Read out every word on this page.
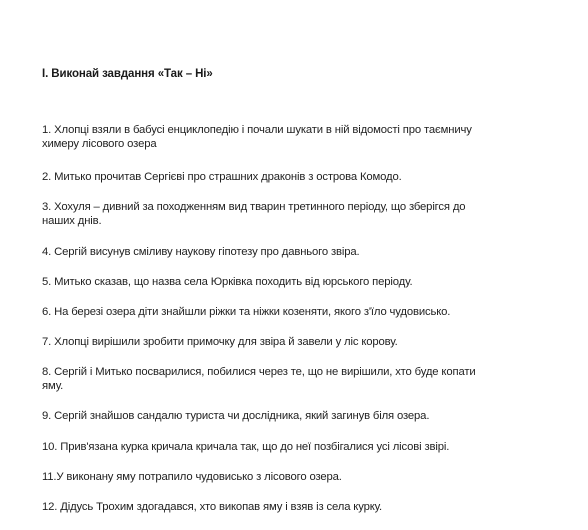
І. Виконай завдання «Так – Ні»
1. Хлопці взяли в бабусі енциклопедію і почали шукати в ній відомості про таємничу
химеру лісового озера
2. Митько прочитав Сергієві про страшних драконів з острова Комодо.
3. Хохуля – дивний за походженням вид тварин третинного періоду, що зберігся до
наших днів.
4. Сергій висунув сміливу наукову гіпотезу про давнього звіра.
5. Митько сказав, що назва села Юрківка походить від юрського періоду.
6. На березі озера діти знайшли ріжки та ніжки козеняти, якого з'їло чудовисько.
7. Хлопці вирішили зробити примочку для звіра й завели у ліс корову.
8. Сергій і Митько посварилися, побилися через те, що не вирішили, хто буде копати
яму.
9. Сергій знайшов сандалю туриста чи дослідника, який загинув біля озера.
10. Прив'язана курка кричала кричала так, що до неї позбігалися усі лісові звірі.
11.У виконану яму потрапило чудовисько з лісового озера.
12. Дідусь Трохим здогадався, хто викопав яму і взяв із села курку.
